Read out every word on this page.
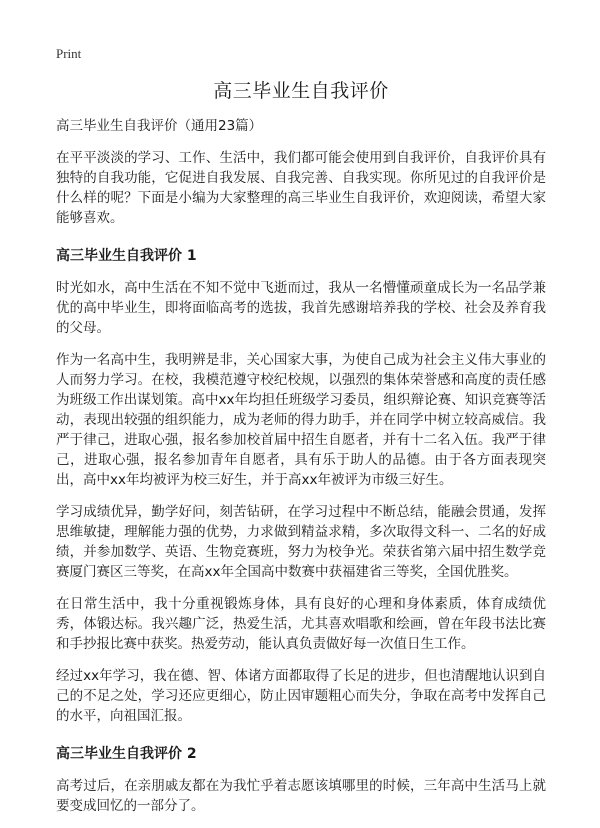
Print
高三毕业生自我评价
高三毕业生自我评价（通用23篇）

在平平淡淡的学习、工作、生活中，我们都可能会使用到自我评价，自我评价具有独特的自我功能，它促进自我发展、自我完善、自我实现。你所见过的自我评价是什么样的呢？下面是小编为大家整理的高三毕业生自我评价，欢迎阅读，希望大家能够喜欢。

高三毕业生自我评价 1

时光如水，高中生活在不知不觉中飞逝而过，我从一名懵懂顽童成长为一名品学兼优的高中毕业生，即将面临高考的选拔，我首先感谢培养我的学校、社会及养育我的父母。

作为一名高中生，我明辨是非，关心国家大事，为使自己成为社会主义伟大事业的人而努力学习。在校，我模范遵守校纪校规，以强烈的集体荣誉感和高度的责任感为班级工作出谋划策。高中xx年均担任班级学习委员，组织辩论赛、知识竞赛等活动，表现出较强的组织能力，成为老师的得力助手，并在同学中树立较高威信。我严于律己，进取心强，报名参加校首届中招生自愿者，并有十二名入伍。我严于律己，进取心强，报名参加青年自愿者，具有乐于助人的品德。由于各方面表现突出，高中xx年均被评为校三好生，并于高xx年被评为市级三好生。

学习成绩优异，勤学好问，刻苦钻研，在学习过程中不断总结，能融会贯通，发挥思维敏捷，理解能力强的优势，力求做到精益求精，多次取得文科一、二名的好成绩，并参加数学、英语、生物竞赛班，努力为校争光。荣获省第六届中招生数学竞赛厦门赛区三等奖，在高xx年全国高中数赛中获福建省三等奖，全国优胜奖。

在日常生活中，我十分重视锻炼身体，具有良好的心理和身体素质，体育成绩优秀，体锻达标。我兴趣广泛，热爱生活，尤其喜欢唱歌和绘画，曾在年段书法比赛和手抄报比赛中获奖。热爱劳动，能认真负责做好每一次值日生工作。

经过xx年学习，我在德、智、体诸方面都取得了长足的进步，但也清醒地认识到自己的不足之处，学习还应更细心，防止因审题粗心而失分，争取在高考中发挥自己的水平，向祖国汇报。

高三毕业生自我评价 2

高考过后，在亲朋戚友都在为我忙乎着志愿该填哪里的时候，三年高中生活马上就要变成回忆的一部分了。
